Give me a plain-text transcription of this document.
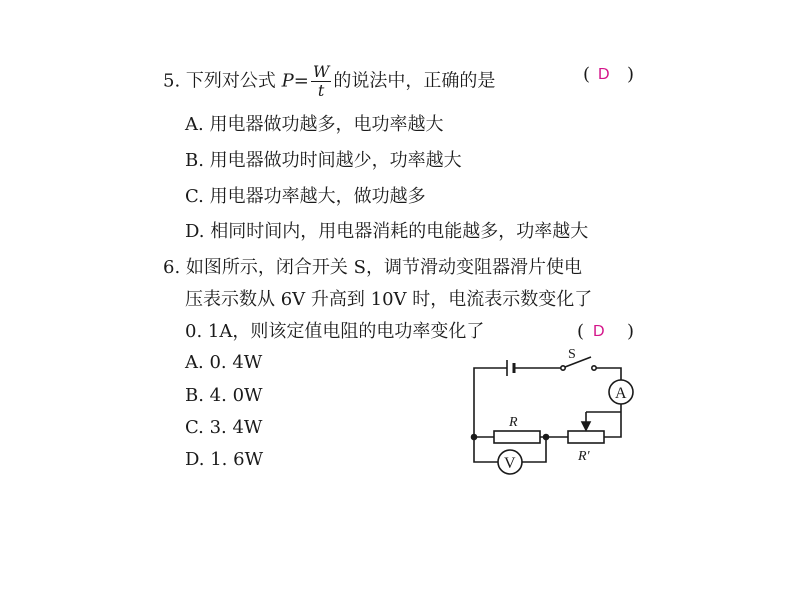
5. 下列对公式 $P= \frac{W}{t}$ 的说法中，正确的是	( D )
A. 用电器做功越多，电功率越大
B. 用电器做功时间越少，功率越大
C. 用电器功率越大，做功越多
D. 相同时间内，用电器消耗的电能越多，功率越大
6. 如图所示，闭合开关 S，调节滑动变阻器滑片使电
压表示数从 6V 升高到 10V 时，电流表示数变化了
0. 1A，则该定值电阻的电功率变化了	( D )
A. 0. 4W
B. 4. 0W
C. 3. 4W
D. 1. 6W
S
A
V
R
R′
